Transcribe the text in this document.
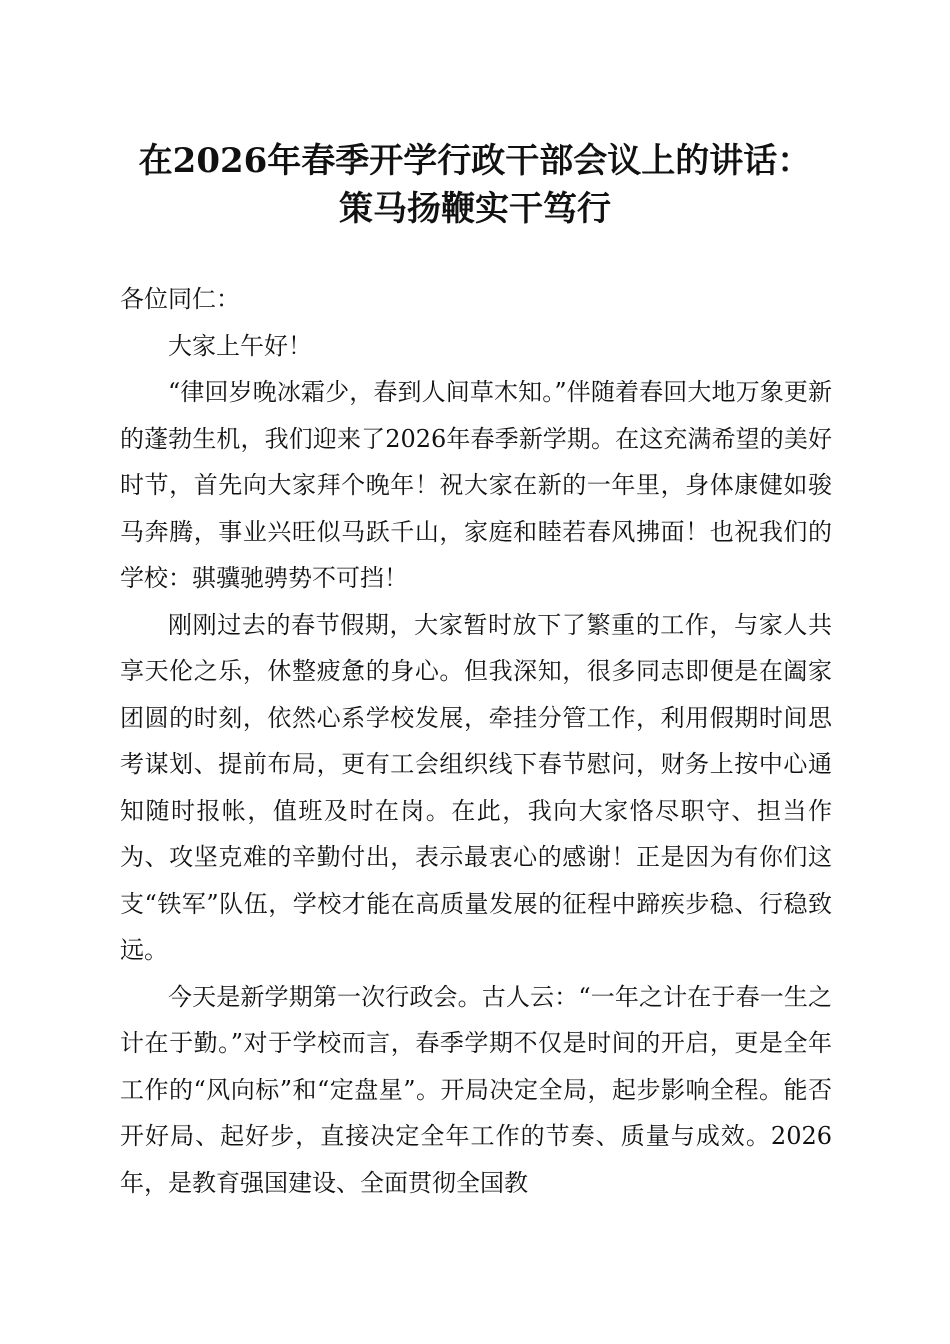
在2026年春季开学行政干部会议上的讲话：
策马扬鞭实干笃行

各位同仁：

大家上午好！

“律回岁晚冰霜少，春到人间草木知。”伴随着春回大地万象更新的蓬勃生机，我们迎来了2026年春季新学期。在这充满希望的美好时节，首先向大家拜个晚年！祝大家在新的一年里，身体康健如骏马奔腾，事业兴旺似马跃千山，家庭和睦若春风拂面！也祝我们的学校：骐骥驰骋势不可挡！

刚刚过去的春节假期，大家暂时放下了繁重的工作，与家人共享天伦之乐，休整疲惫的身心。但我深知，很多同志即便是在阖家团圆的时刻，依然心系学校发展，牵挂分管工作，利用假期时间思考谋划、提前布局，更有工会组织线下春节慰问，财务上按中心通知随时报帐，值班及时在岗。在此，我向大家恪尽职守、担当作为、攻坚克难的辛勤付出，表示最衷心的感谢！正是因为有你们这支“铁军”队伍，学校才能在高质量发展的征程中蹄疾步稳、行稳致远。

今天是新学期第一次行政会。古人云：“一年之计在于春一生之计在于勤。”对于学校而言，春季学期不仅是时间的开启，更是全年工作的“风向标”和“定盘星”。开局决定全局，起步影响全程。能否开好局、起好步，直接决定全年工作的节奏、质量与成效。2026年，是教育强国建设、全面贯彻全国教
